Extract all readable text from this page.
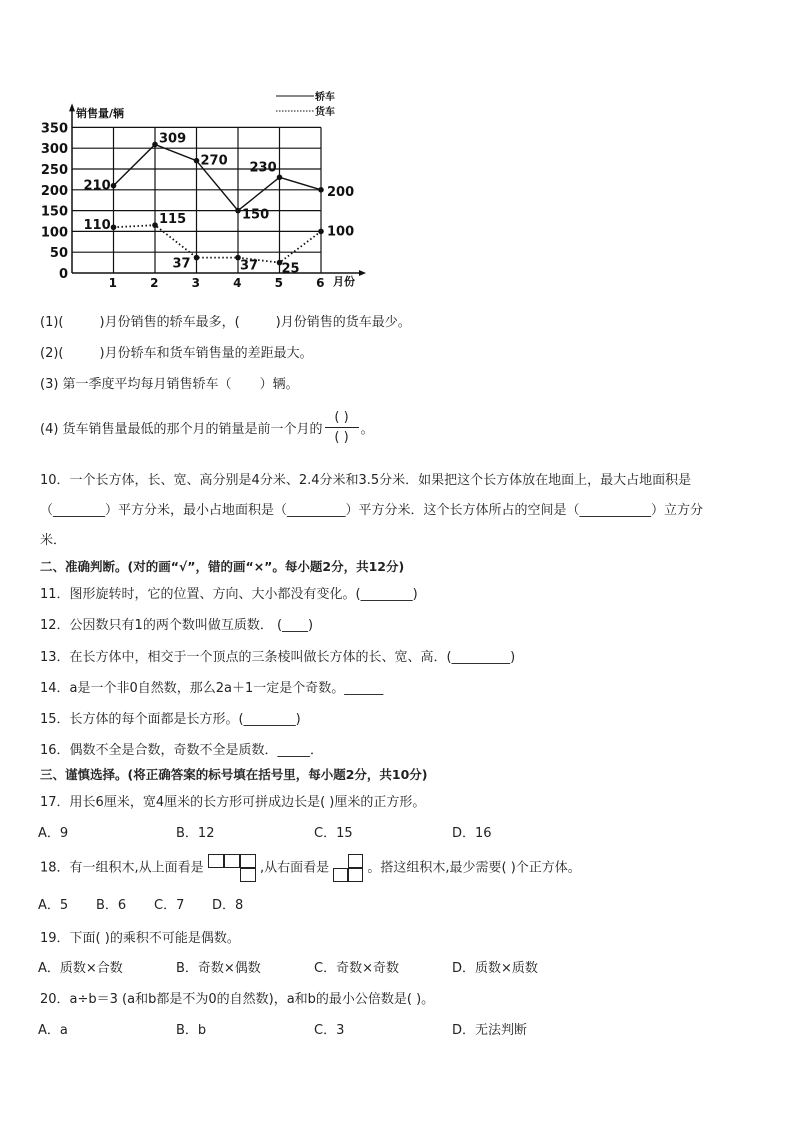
0
50
100
150
200
250
300
350
1	2	3	4	5	6
210
309
270
150
230
200
110	115
37	37 25
100
销售量/辆
月份
轿车
货车
(1)(	)月份销售的轿车最多，(	)月份销售的货车最少。
(2)(	)月份轿车和货车销售量的差距最大。
(3) 第一季度平均每月销售轿车（ ）辆。
(4) 货车销售量最低的那个月的销量是前一个月的 $\frac{( )}{( )}$ 。
10．一个长方体，长、宽、高分别是4分米、2.4分米和3.5分米．如果把这个长方体放在地面上，最大占地面积是
（________）平方分米，最小占地面积是（_________）平方分米．这个长方体所占的空间是（___________）立方分
米．
二、准确判断。(对的画“√”，错的画“×”。每小题2分，共12分)
11．图形旋转时，它的位置、方向、大小都没有变化。(________)
12．公因数只有1的两个数叫做互质数． (____)
13．在长方体中，相交于一个顶点的三条棱叫做长方体的长、宽、高．(_________)
14．a是一个非0自然数，那么2a＋1一定是个奇数。______
15．长方体的每个面都是长方形。(________)
16．偶数不全是合数，奇数不全是质数．_____．
三、谨慎选择。(将正确答案的标号填在括号里，每小题2分，共10分)
17．用长6厘米，宽4厘米的长方形可拼成边长是( )厘米的正方形。
A．9	B．12	C．15	D．16
18．有一组积木,从上面看是	,从右面看是	。搭这组积木,最少需要( )个正方体。
A．5 B．6 C．7 D．8
19．下面( )的乘积不可能是偶数。
A．质数×合数	B．奇数×偶数	C．奇数×奇数	D．质数×质数
20．a÷b＝3 (a和b都是不为0的自然数)，a和b的最小公倍数是( )。
A．a	B．b	C．3	D．无法判断
